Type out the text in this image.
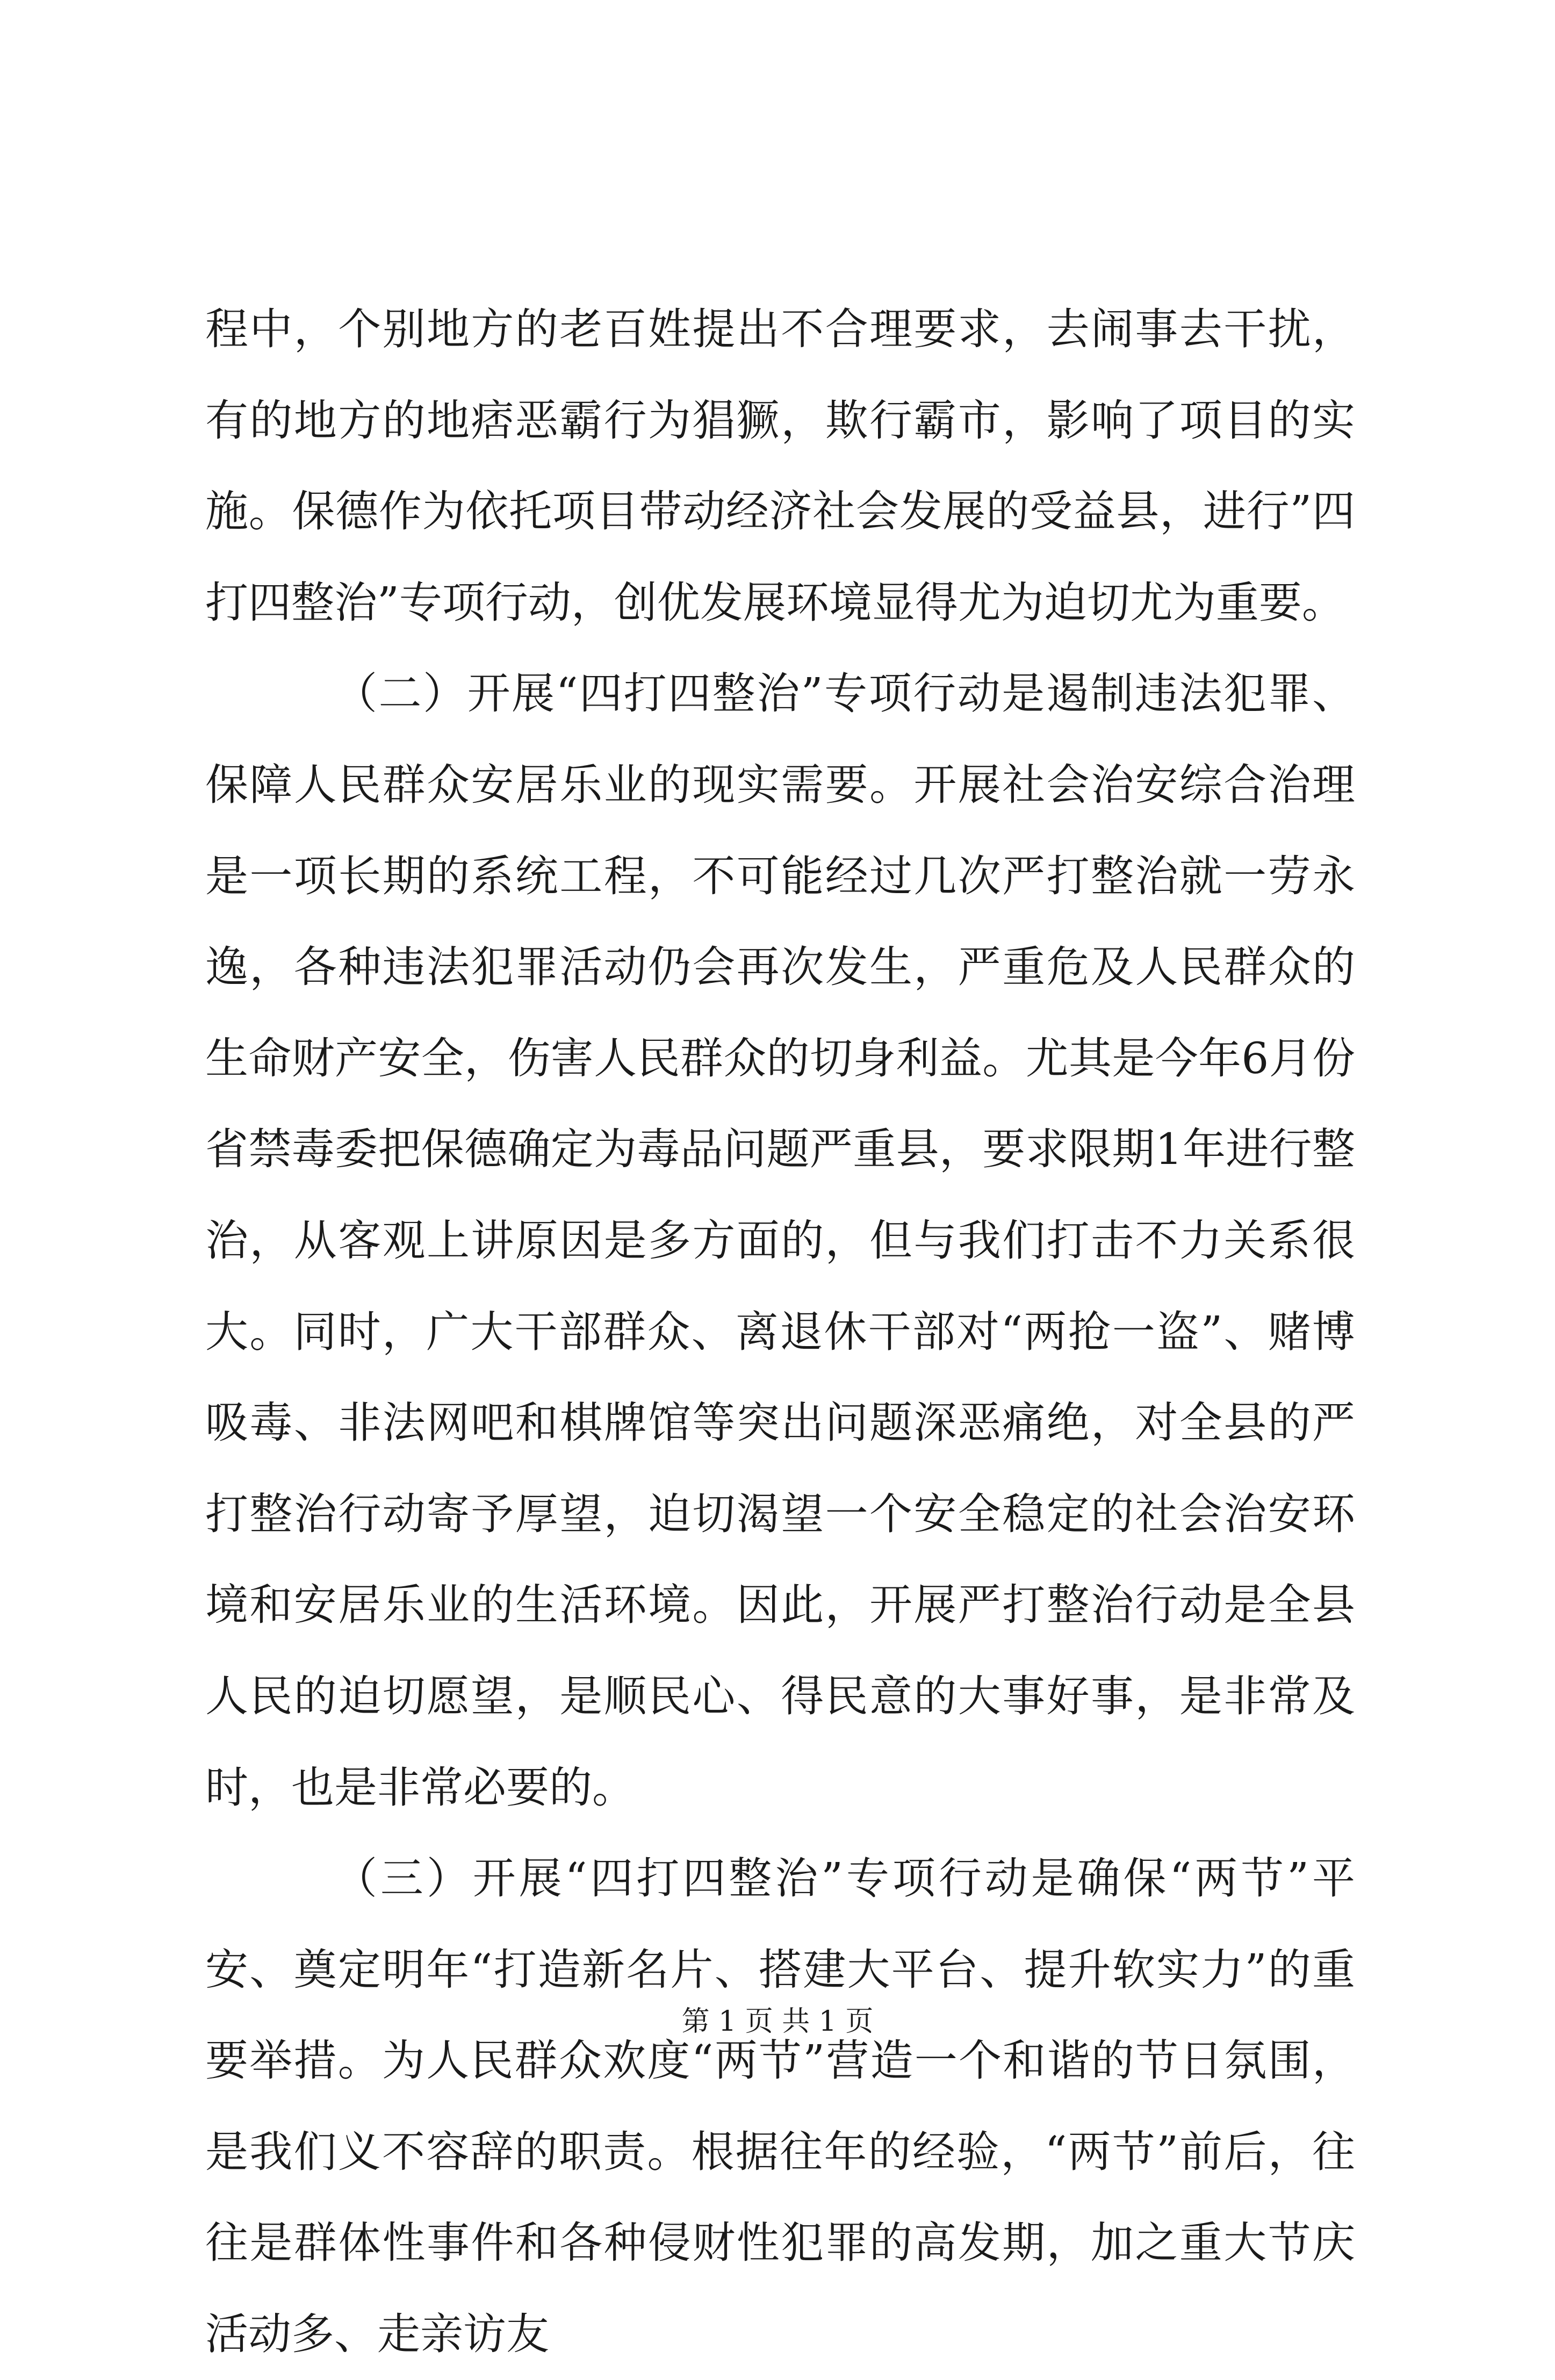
程中，个别地方的老百姓提出不合理要求，去闹事去干扰，有的地方的地痞恶霸行为猖獗，欺行霸市，影响了项目的实施。保德作为依托项目带动经济社会发展的受益县，进行”四打四整治”专项行动，创优发展环境显得尤为迫切尤为重要。

（二）开展“四打四整治”专项行动是遏制违法犯罪、保障人民群众安居乐业的现实需要。开展社会治安综合治理是一项长期的系统工程，不可能经过几次严打整治就一劳永逸，各种违法犯罪活动仍会再次发生，严重危及人民群众的生命财产安全，伤害人民群众的切身利益。尤其是今年6月份省禁毒委把保德确定为毒品问题严重县，要求限期1年进行整治，从客观上讲原因是多方面的，但与我们打击不力关系很大。同时，广大干部群众、离退休干部对“两抢一盗”、赌博吸毒、非法网吧和棋牌馆等突出问题深恶痛绝，对全县的严打整治行动寄予厚望，迫切渴望一个安全稳定的社会治安环境和安居乐业的生活环境。因此，开展严打整治行动是全县人民的迫切愿望，是顺民心、得民意的大事好事，是非常及时，也是非常必要的。

（三）开展“四打四整治”专项行动是确保“两节”平安、奠定明年“打造新名片、搭建大平台、提升软实力”的重要举措。为人民群众欢度“两节”营造一个和谐的节日氛围，是我们义不容辞的职责。根据往年的经验，“两节”前后，往往是群体性事件和各种侵财性犯罪的高发期，加之重大节庆活动多、走亲访友

第 1 页 共 1 页
